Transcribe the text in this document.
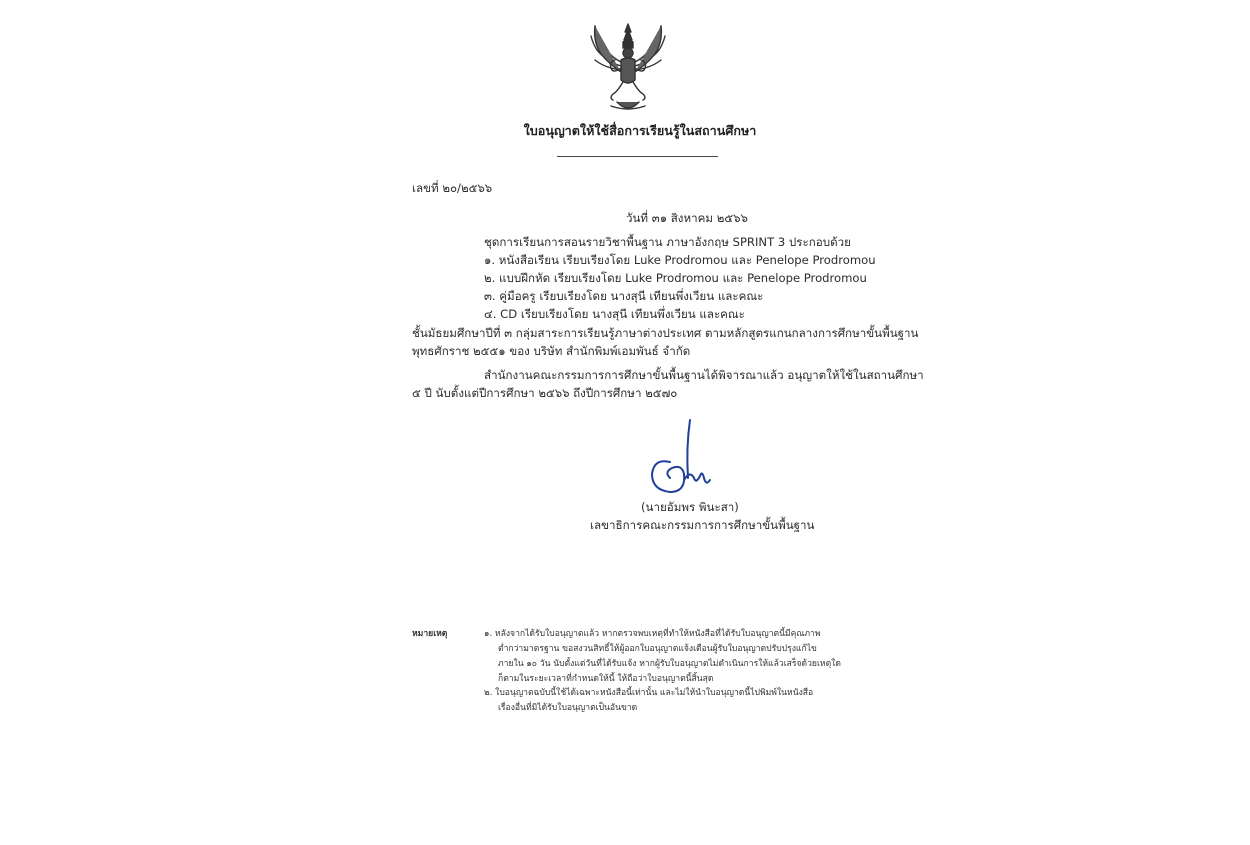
ใบอนุญาตให้ใช้สื่อการเรียนรู้ในสถานศึกษา
เลขที่ ๒๐/๒๕๖๖
วันที่ ๓๑ สิงหาคม ๒๕๖๖
ชุดการเรียนการสอนรายวิชาพื้นฐาน ภาษาอังกฤษ SPRINT 3 ประกอบด้วย
๑. หนังสือเรียน เรียบเรียงโดย Luke Prodromou และ Penelope Prodromou
๒. แบบฝึกหัด เรียบเรียงโดย Luke Prodromou และ Penelope Prodromou
๓. คู่มือครู เรียบเรียงโดย นางสุนี เทียนพึ่งเวียน และคณะ
๔. CD เรียบเรียงโดย นางสุนี เทียนพึ่งเวียน และคณะ
ชั้นมัธยมศึกษาปีที่ ๓ กลุ่มสาระการเรียนรู้ภาษาต่างประเทศ ตามหลักสูตรแกนกลางการศึกษาขั้นพื้นฐาน
พุทธศักราช ๒๕๕๑ ของ บริษัท สำนักพิมพ์เอมพันธ์ จำกัด
สำนักงานคณะกรรมการการศึกษาขั้นพื้นฐานได้พิจารณาแล้ว อนุญาตให้ใช้ในสถานศึกษา
๕ ปี นับตั้งแต่ปีการศึกษา ๒๕๖๖ ถึงปีการศึกษา ๒๕๗๐
(นายอัมพร พินะสา)
เลขาธิการคณะกรรมการการศึกษาขั้นพื้นฐาน
หมายเหตุ	๑. หลังจากได้รับใบอนุญาตแล้ว หากตรวจพบเหตุที่ทำให้หนังสือที่ได้รับใบอนุญาตนี้มีคุณภาพ
ต่ำกว่ามาตรฐาน ขอสงวนสิทธิ์ให้ผู้ออกใบอนุญาตแจ้งเตือนผู้รับใบอนุญาตปรับปรุงแก้ไข
ภายใน ๑๐ วัน นับตั้งแต่วันที่ได้รับแจ้ง หากผู้รับใบอนุญาตไม่ดำเนินการให้แล้วเสร็จด้วยเหตุใด
ก็ตามในระยะเวลาที่กำหนดให้นี้ ให้ถือว่าใบอนุญาตนี้สิ้นสุด
๒. ใบอนุญาตฉบับนี้ใช้ได้เฉพาะหนังสือนี้เท่านั้น และไม่ให้นำใบอนุญาตนี้ไปพิมพ์ในหนังสือ
เรื่องอื่นที่มิได้รับใบอนุญาตเป็นอันขาด
